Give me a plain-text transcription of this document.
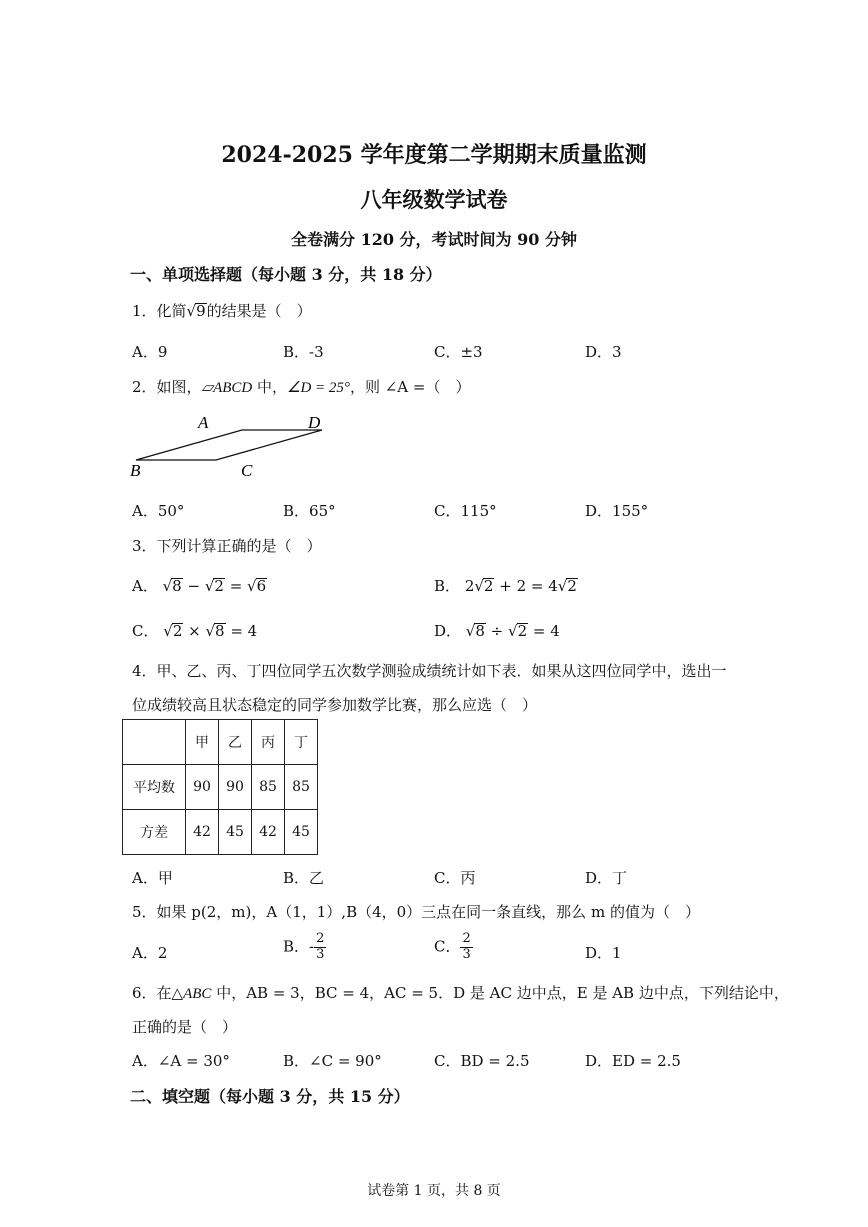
2024-2025 学年度第二学期期末质量监测
八年级数学试卷
全卷满分 120 分，考试时间为 90 分钟
一、单项选择题（每小题 3 分，共 18 分）
1．化简√9的结果是（　）
A．9	B．-3	C．±3	D．3
2．如图，▱ABCD 中，∠D = 25°，则 ∠A =（　）
A	D
B	C
A．50°	B．65°	C．115°	D．155°
3．下列计算正确的是（　）
A． √8 − √2 = √6	B． 2√2 + 2 = 4√2
C． √2 × √8 = 4	D． √8 ÷ √2 = 4
4．甲、乙、丙、丁四位同学五次数学测验成绩统计如下表．如果从这四位同学中，选出一
位成绩较高且状态稳定的同学参加数学比赛，那么应选（　）
	甲	乙	丙	丁
平均数	90	90	85	85
方差	42	45	42	45
A．甲	B．乙	C．丙	D．丁
5．如果 p(2，m)，A（1，1）,B（4，0）三点在同一条直线，那么 m 的值为（　）
A．2	B．- $\frac{2}{3}$	C． $\frac{2}{3}$	D．1
6．在△ABC 中，AB = 3，BC = 4，AC = 5．D 是 AC 边中点，E 是 AB 边中点，下列结论中，
正确的是（　）
A．∠A = 30°	B．∠C = 90°	C．BD = 2.5	D．ED = 2.5
二、填空题（每小题 3 分，共 15 分）
试卷第 1 页，共 8 页
